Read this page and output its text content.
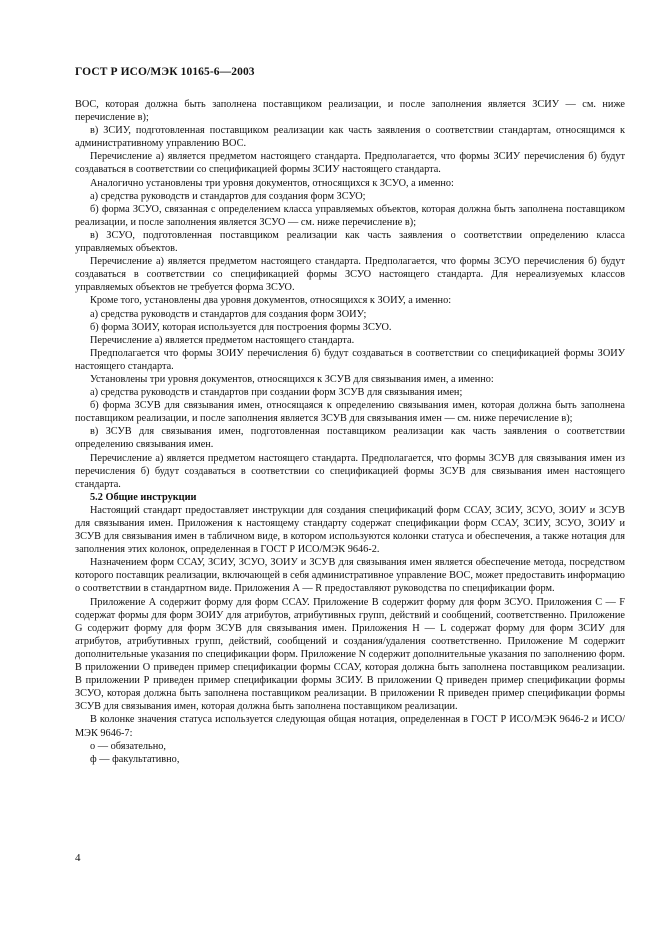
ГОСТ Р ИСО/МЭК 10165-6—2003

ВОС, которая должна быть заполнена поставщиком реализации, и после заполнения является ЗСИУ — см. ниже перечисление в);

в) ЗСИУ, подготовленная поставщиком реализации как часть заявления о соответствии стандартам, относящимся к административному управлению ВОС.

Перечисление а) является предметом настоящего стандарта. Предполагается, что формы ЗСИУ перечисления б) будут создаваться в соответствии со спецификацией формы ЗСИУ настоящего стандарта.

Аналогично установлены три уровня документов, относящихся к ЗСУО, а именно:

а) средства руководств и стандартов для создания форм ЗСУО;

б) форма ЗСУО, связанная с определением класса управляемых объектов, которая должна быть заполнена поставщиком реализации, и после заполнения является ЗСУО — см. ниже перечисление в);

в) ЗСУО, подготовленная поставщиком реализации как часть заявления о соответствии определению класса управляемых объектов.

Перечисление а) является предметом настоящего стандарта. Предполагается, что формы ЗСУО перечисления б) будут создаваться в соответствии со спецификацией формы ЗСУО настоящего стандарта. Для нереализуемых классов управляемых объектов не требуется форма ЗСУО.

Кроме того, установлены два уровня документов, относящихся к ЗОИУ, а именно:

а) средства руководств и стандартов для создания форм ЗОИУ;

б) форма ЗОИУ, которая используется для построения формы ЗСУО.

Перечисление а) является предметом настоящего стандарта.

Предполагается что формы ЗОИУ перечисления б) будут создаваться в соответствии со спецификацией формы ЗОИУ настоящего стандарта.

Установлены три уровня документов, относящихся к ЗСУВ для связывания имен, а именно:

а) средства руководств и стандартов при создании форм ЗСУВ для связывания имен;

б) форма ЗСУВ для связывания имен, относящаяся к определению связывания имен, которая должна быть заполнена поставщиком реализации, и после заполнения является ЗСУВ для связывания имен — см. ниже перечисление в);

в) ЗСУВ для связывания имен, подготовленная поставщиком реализации как часть заявления о соответствии определению связывания имен.

Перечисление а) является предметом настоящего стандарта. Предполагается, что формы ЗСУВ для связывания имен из перечисления б) будут создаваться в соответствии со спецификацией формы ЗСУВ для связывания имен настоящего стандарта.

5.2 Общие инструкции

Настоящий стандарт предоставляет инструкции для создания спецификаций форм ССАУ, ЗСИУ, ЗСУО, ЗОИУ и ЗСУВ для связывания имен. Приложения к настоящему стандарту содержат спецификации форм ССАУ, ЗСИУ, ЗСУО, ЗОИУ и ЗСУВ для связывания имен в табличном виде, в котором используются колонки статуса и обеспечения, а также нотация для заполнения этих колонок, определенная в ГОСТ Р ИСО/МЭК 9646-2.

Назначением форм ССАУ, ЗСИУ, ЗСУО, ЗОИУ и ЗСУВ для связывания имен является обеспечение метода, посредством которого поставщик реализации, включающей в себя административное управление ВОС, может предоставить информацию о соответствии в стандартном виде. Приложения А — R предоставляют руководства по спецификации форм.

Приложение А содержит форму для форм ССАУ. Приложение В содержит форму для форм ЗСУО. Приложения С — F содержат формы для форм ЗОИУ для атрибутов, атрибутивных групп, действий и сообщений, соответственно. Приложение G содержит форму для форм ЗСУВ для связывания имен. Приложения Н — L содержат форму для форм ЗСИУ для атрибутов, атрибутивных групп, действий, сообщений и создания/удаления соответственно. Приложение М содержит дополнительные указания по спецификации форм. Приложение N содержит дополнительные указания по заполнению форм. В приложении О приведен пример спецификации формы ССАУ, которая должна быть заполнена поставщиком реализации. В приложении Р приведен пример спецификации формы ЗСИУ. В приложении Q приведен пример спецификации формы ЗСУО, которая должна быть заполнена поставщиком реализации. В приложении R приведен пример спецификации формы ЗСУВ для связывания имен, которая должна быть заполнена поставщиком реализации.

В колонке значения статуса используется следующая общая нотация, определенная в ГОСТ Р ИСО/МЭК 9646-2 и ИСО/МЭК 9646-7:

о — обязательно,

ф — факультативно,

4
